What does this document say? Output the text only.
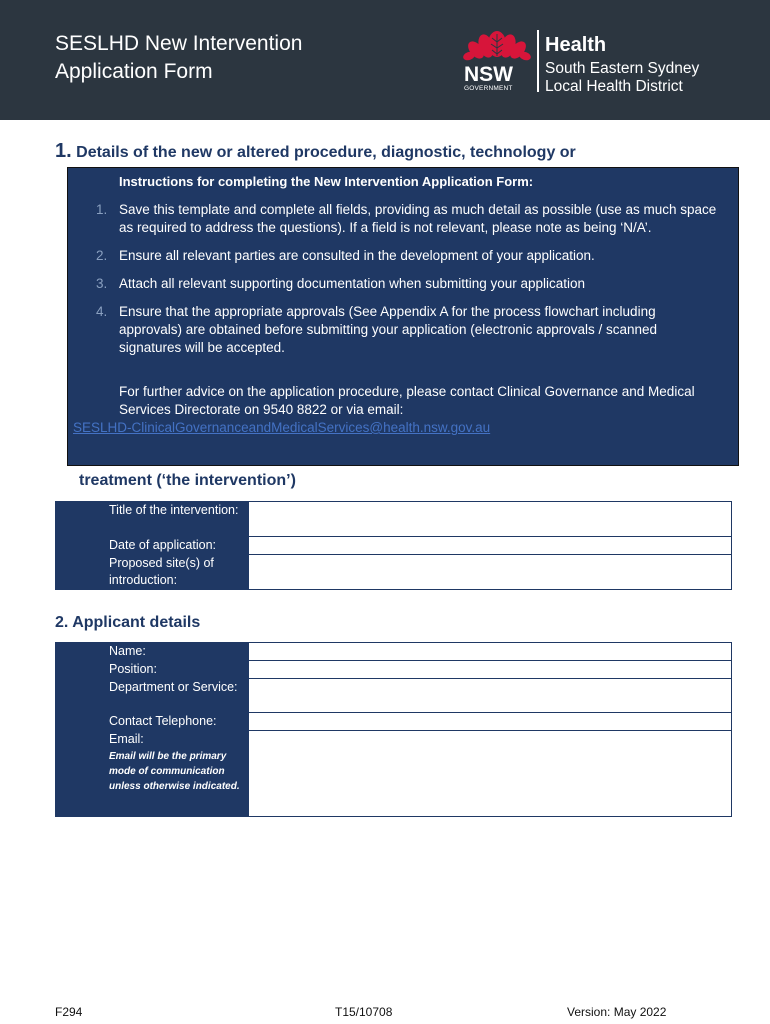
SESLHD New Intervention
Application Form	NSW
GOVERNMENT
Health
South Eastern Sydney
Local Health District
1. Details of the new or altered procedure, diagnostic, technology or
Instructions for completing the New Intervention Application Form:
1. Save this template and complete all fields, providing as much detail as possible (use as much space as required to address the questions). If a field is not relevant, please note as being ‘N/A’.
2. Ensure all relevant parties are consulted in the development of your application.
3. Attach all relevant supporting documentation when submitting your application
4. Ensure that the appropriate approvals (See Appendix A for the process flowchart including approvals) are obtained before submitting your application (electronic approvals / scanned signatures will be accepted.
For further advice on the application procedure, please contact Clinical Governance and Medical Services Directorate on 9540 8822 or via email:
SESLHD-ClinicalGovernanceandMedicalServices@health.nsw.gov.au
treatment (‘the intervention’)
Title of the intervention:	
Date of application:	
Proposed site(s) of introduction:	
2. Applicant details
Name:	
Position:	
Department or Service:	
Contact Telephone:	
Email:
Email will be the primary mode of communication unless otherwise indicated.	

F294	T15/10708	Version: May 2022
